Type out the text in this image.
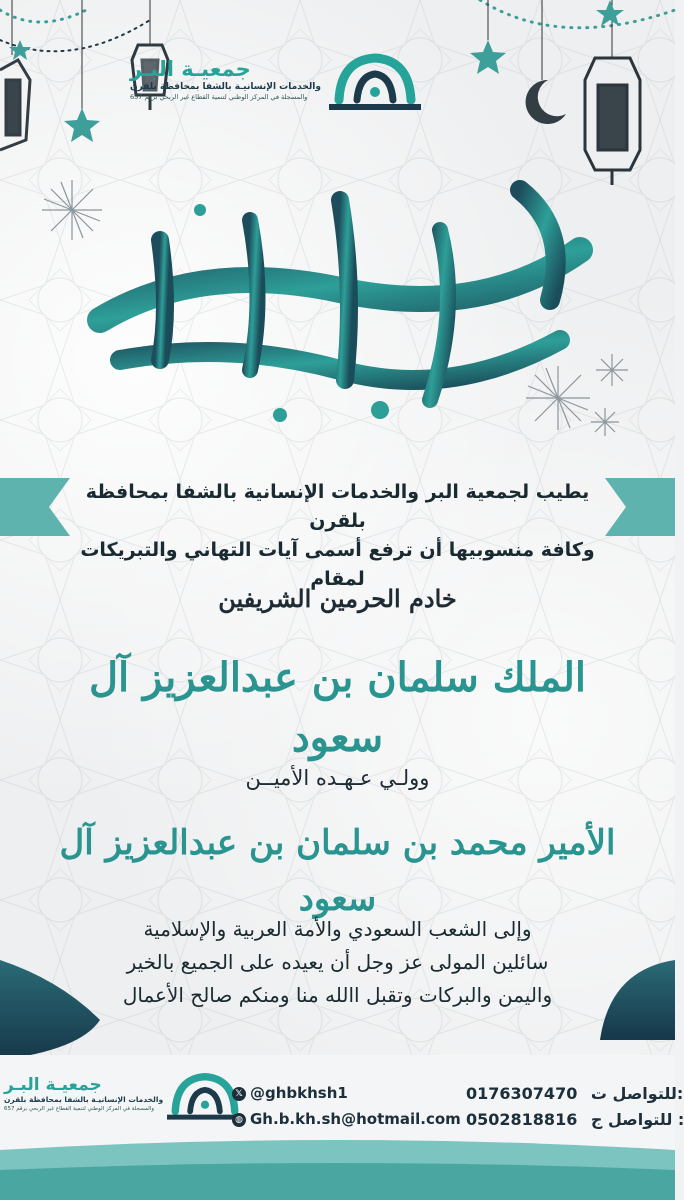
جمعيـة البـر
والخدمات الإنسانيـة بالشفا بمحافظة بلقرن
والمسجلة في المركز الوطني لتنمية القطاع غير الربحي برقم 657
يطيب لجمعية البر والخدمات الإنسانية بالشفا بمحافظة بلقرن
وكافة منسوبيها أن ترفع أسمى آيات التهاني والتبريكات لمقام
خادم الحرمين الشريفين
الملك سلمان بن عبدالعزيز آل سعود
وولـي عـهـده الأميــن
الأمير محمد بن سلمان بن عبدالعزيز آل سعود
وإلى الشعب السعودي والأمة العربية والإسلامية
سائلين المولى عز وجل أن يعيده على الجميع بالخير
واليمن والبركات وتقبل االله منا ومنكم صالح الأعمال
جمعيـة البـر
والخدمات الإنسانيـة بالشفا بمحافظة بلقرن
والمسجلة في المركز الوطني لتنمية القطاع غير الربحي برقم 657
𝕏 @ghbkhsh1
◍ Gh.b.kh.sh@hotmail.com
0176307470 للتواصل ت:
0502818816 للتواصل ج :
